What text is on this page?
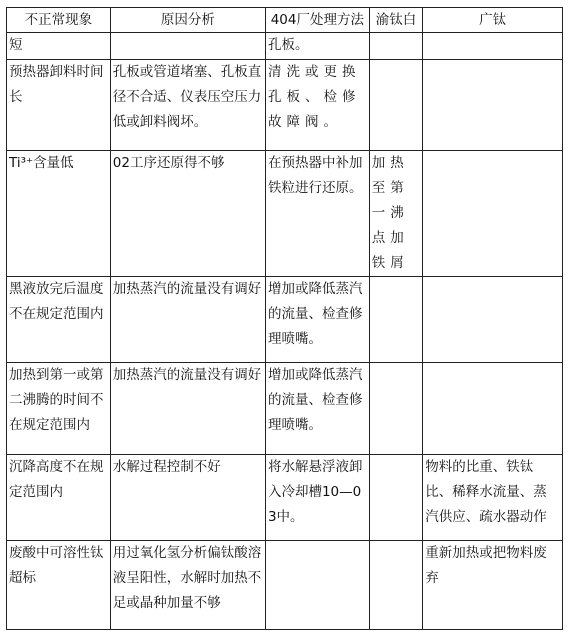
不正常现象	原因分析	404厂处理方法	渝钛白	广钛
短		孔板。		
预热器卸料时间长	孔板或管道堵塞、孔板直径不合适、仪表压空压力低或卸料阀坏。	清洗或更换孔板、检修故障阀。		
Ti³⁺含量低	02工序还原得不够	在预热器中补加铁粒进行还原。	加热至第一沸点加铁屑	
黑液放完后温度不在规定范围内	加热蒸汽的流量没有调好	增加或降低蒸汽的流量、检查修理喷嘴。		
加热到第一或第二沸腾的时间不在规定范围内	加热蒸汽的流量没有调好	增加或降低蒸汽的流量、检查修理喷嘴。		
沉降高度不在规定范围内	水解过程控制不好	将水解悬浮液卸入冷却槽10—03中。		物料的比重、铁钛比、稀释水流量、蒸汽供应、疏水器动作
废酸中可溶性钛超标	用过氧化氢分析偏钛酸溶液呈阳性，水解时加热不足或晶种加量不够			重新加热或把物料废弃
